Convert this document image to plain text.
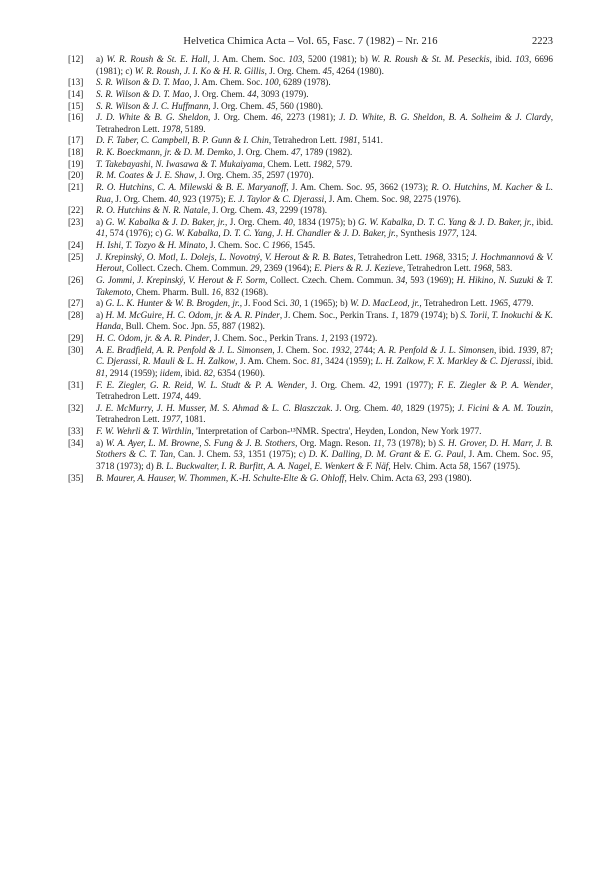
Helvetica Chimica Acta – Vol. 65, Fasc. 7 (1982) – Nr. 216	2223
[12] a) W. R. Roush & St. E. Hall, J. Am. Chem. Soc. 103, 5200 (1981); b) W. R. Roush & St. M. Peseckis, ibid. 103, 6696 (1981); c) W. R. Roush, J. I. Ko & H. R. Gillis, J. Org. Chem. 45, 4264 (1980).
[13] S. R. Wilson & D. T. Mao, J. Am. Chem. Soc. 100, 6289 (1978).
[14] S. R. Wilson & D. T. Mao, J. Org. Chem. 44, 3093 (1979).
[15] S. R. Wilson & J. C. Huffmann, J. Org. Chem. 45, 560 (1980).
[16] J. D. White & B. G. Sheldon, J. Org. Chem. 46, 2273 (1981); J. D. White, B. G. Sheldon, B. A. Solheim & J. Clardy, Tetrahedron Lett. 1978, 5189.
[17] D. F. Taber, C. Campbell, B. P. Gunn & I. Chin, Tetrahedron Lett. 1981, 5141.
[18] R. K. Boeckmann, jr. & D. M. Demko, J. Org. Chem. 47, 1789 (1982).
[19] T. Takebayashi, N. Iwasawa & T. Mukaiyama, Chem. Lett. 1982, 579.
[20] R. M. Coates & J. E. Shaw, J. Org. Chem. 35, 2597 (1970).
[21] R. O. Hutchins, C. A. Milewski & B. E. Maryanoff, J. Am. Chem. Soc. 95, 3662 (1973); R. O. Hutchins, M. Kacher & L. Rua, J. Org. Chem. 40, 923 (1975); E. J. Taylor & C. Djerassi, J. Am. Chem. Soc. 98, 2275 (1976).
[22] R. O. Hutchins & N. R. Natale, J. Org. Chem. 43, 2299 (1978).
[23] a) G. W. Kabalka & J. D. Baker, jr., J. Org. Chem. 40, 1834 (1975); b) G. W. Kabalka, D. T. C. Yang & J. D. Baker, jr., ibid. 41, 574 (1976); c) G. W. Kabalka, D. T. C. Yang, J. H. Chandler & J. D. Baker, jr., Synthesis 1977, 124.
[24] H. Ishi, T. Tozyo & H. Minato, J. Chem. Soc. C 1966, 1545.
[25] J. Krepinský, O. Motl, L. Dolejs, L. Novotný, V. Herout & R. B. Bates, Tetrahedron Lett. 1968, 3315; J. Hochmannová & V. Herout, Collect. Czech. Chem. Commun. 29, 2369 (1964); E. Piers & R. J. Kezieve, Tetrahedron Lett. 1968, 583.
[26] G. Jommi, J. Krepinský, V. Herout & F. Sorm, Collect. Czech. Chem. Commun. 34, 593 (1969); H. Hikino, N. Suzuki & T. Takemoto, Chem. Pharm. Bull. 16, 832 (1968).
[27] a) G. L. K. Hunter & W. B. Brogden, jr., J. Food Sci. 30, 1 (1965); b) W. D. MacLeod, jr., Tetrahedron Lett. 1965, 4779.
[28] a) H. M. McGuire, H. C. Odom, jr. & A. R. Pinder, J. Chem. Soc., Perkin Trans. 1, 1879 (1974); b) S. Torii, T. Inokuchi & K. Handa, Bull. Chem. Soc. Jpn. 55, 887 (1982).
[29] H. C. Odom, jr. & A. R. Pinder, J. Chem. Soc., Perkin Trans. 1, 2193 (1972).
[30] A. E. Bradfield, A. R. Penfold & J. L. Simonsen, J. Chem. Soc. 1932, 2744; A. R. Penfold & J. L. Simonsen, ibid. 1939, 87; C. Djerassi, R. Mauli & L. H. Zalkow, J. Am. Chem. Soc. 81, 3424 (1959); L. H. Zalkow, F. X. Markley & C. Djerassi, ibid. 81, 2914 (1959); iidem, ibid. 82, 6354 (1960).
[31] F. E. Ziegler, G. R. Reid, W. L. Studt & P. A. Wender, J. Org. Chem. 42, 1991 (1977); F. E. Ziegler & P. A. Wender, Tetrahedron Lett. 1974, 449.
[32] J. E. McMurry, J. H. Musser, M. S. Ahmad & L. C. Blaszczak. J. Org. Chem. 40, 1829 (1975); J. Ficini & A. M. Touzin, Tetrahedron Lett. 1977, 1081.
[33] F. W. Wehrli & T. Wirthlin, 'Interpretation of Carbon-¹³NMR. Spectra', Heyden, London, New York 1977.
[34] a) W. A. Ayer, L. M. Browne, S. Fung & J. B. Stothers, Org. Magn. Reson. 11, 73 (1978); b) S. H. Grover, D. H. Marr, J. B. Stothers & C. T. Tan, Can. J. Chem. 53, 1351 (1975); c) D. K. Dalling, D. M. Grant & E. G. Paul, J. Am. Chem. Soc. 95, 3718 (1973); d) B. L. Buckwalter, I. R. Burfitt, A. A. Nagel, E. Wenkert & F. Näf, Helv. Chim. Acta 58, 1567 (1975).
[35] B. Maurer, A. Hauser, W. Thommen, K.-H. Schulte-Elte & G. Ohloff, Helv. Chim. Acta 63, 293 (1980).
